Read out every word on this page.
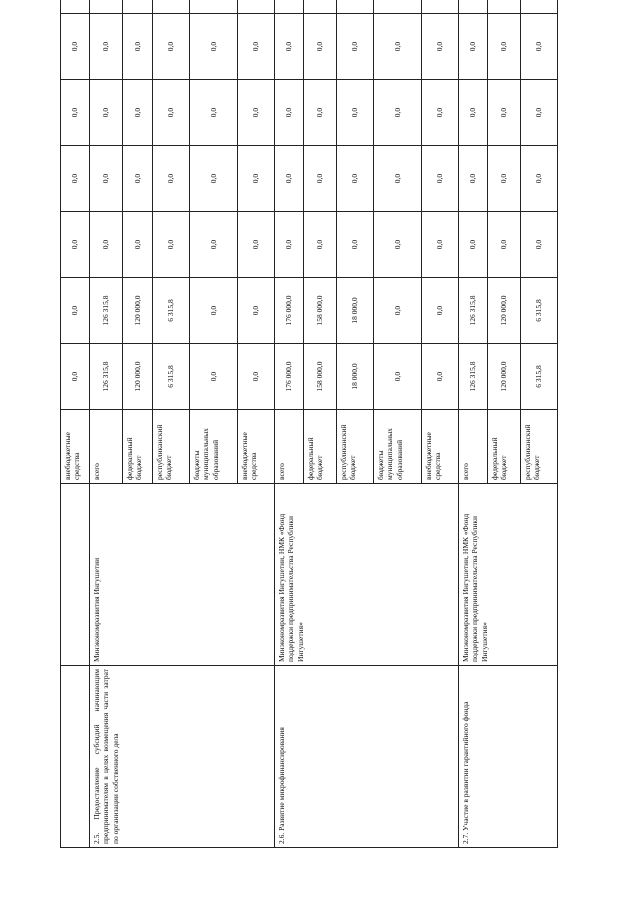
		внебюджетные средства	0,0	0,0	0,0	0,0	0,0	0,0	
2.5. Предоставление субсидий начинающим предпринимателям в целях возмещения части затрат по организации собственного дела	Минэкономразвития Ингушетии	всего	126 315,8	126 315,8	0,0	0,0	0,0	0,0	
		федеральный бюджет	120 000,0	120 000,0	0,0	0,0	0,0	0,0	
		республиканский бюджет	6 315,8	6 315,8	0,0	0,0	0,0	0,0	
		бюджеты муниципальных образований	0,0	0,0	0,0	0,0	0,0	0,0	
		внебюджетные средства	0,0	0,0	0,0	0,0	0,0	0,0	
2.6. Развитие микрофинансирования	Минэкономразвития Ингушетии, НМК «Фонд поддержки предпринимательства Республики Ингушетия»	всего	176 000,0	176 000,0	0,0	0,0	0,0	0,0	
		федеральный бюджет	158 000,0	158 000,0	0,0	0,0	0,0	0,0	
		республиканский бюджет	18 000,0	18 000,0	0,0	0,0	0,0	0,0	
		бюджеты муниципальных образований	0,0	0,0	0,0	0,0	0,0	0,0	
		внебюджетные средства	0,0	0,0	0,0	0,0	0,0	0,0	
2.7. Участие в развитии гарантийного фонда	Минэкономразвития Ингушетии, НМК «Фонд поддержки предпринимательства Республики Ингушетия»	всего	126 315,8	126 315,8	0,0	0,0	0,0	0,0	
		федеральный бюджет	120 000,0	120 000,0	0,0	0,0	0,0	0,0	
		республиканский бюджет	6 315,8	6 315,8	0,0	0,0	0,0	0,0	
